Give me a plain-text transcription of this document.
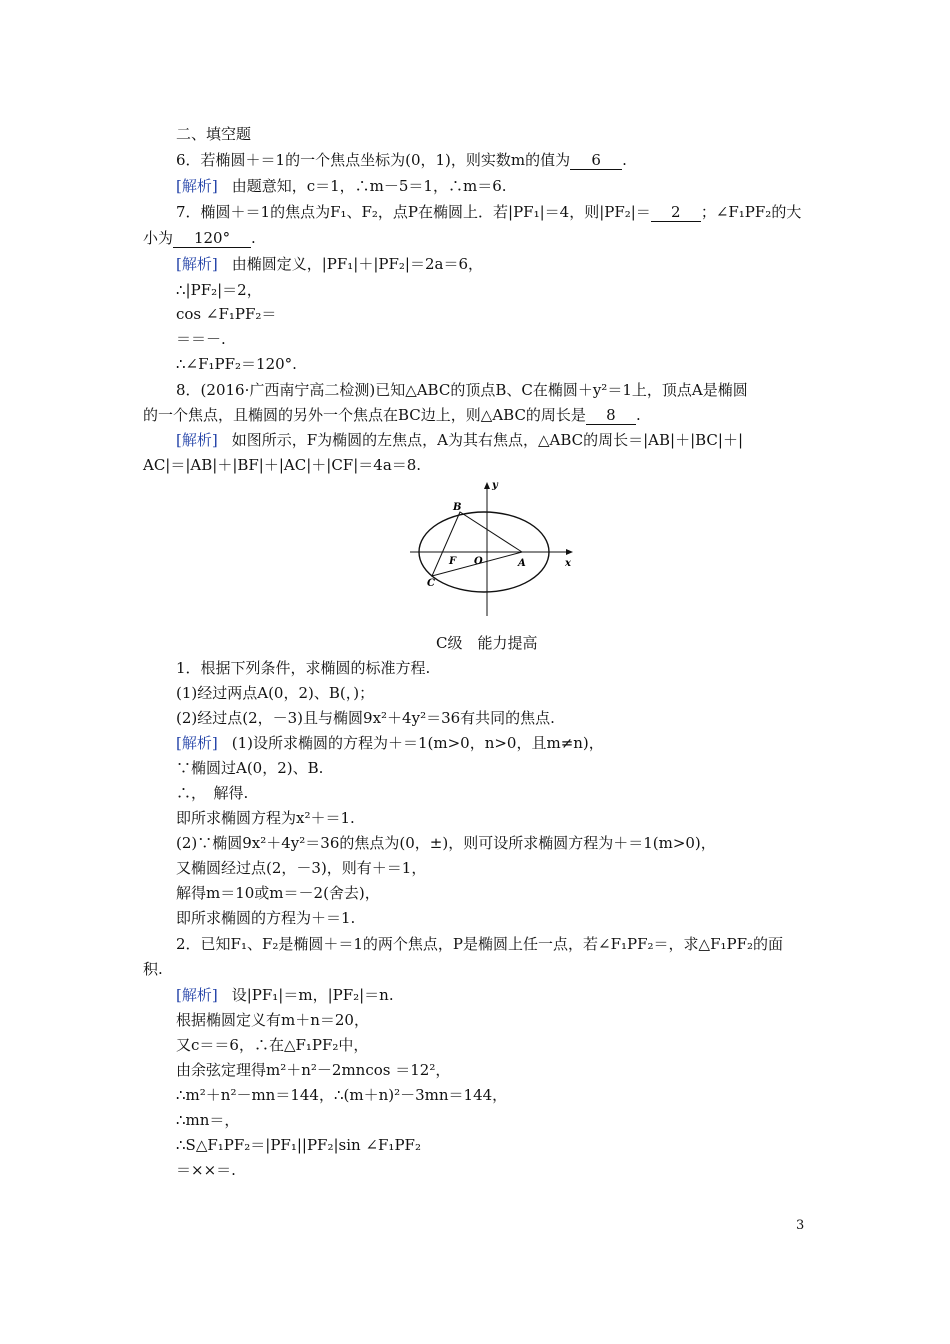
二、填空题
6．若椭圆＋＝1的一个焦点坐标为(0，1)，则实数m的值为 6 .
[解析] 由题意知，c＝1，∴m－5＝1，∴m＝6.
7．椭圆＋＝1的焦点为F₁、F₂，点P在椭圆上．若|PF₁|＝4，则|PF₂|＝ 2 ；∠F₁PF₂的大
小为 120° .
[解析] 由椭圆定义，|PF₁|＋|PF₂|＝2a＝6，
∴|PF₂|＝2，
cos ∠F₁PF₂＝
＝＝－.
∴∠F₁PF₂＝120°.
8．(2016·广西南宁高二检测)已知△ABC的顶点B、C在椭圆＋y²＝1上，顶点A是椭圆
的一个焦点，且椭圆的另外一个焦点在BC边上，则△ABC的周长是 8 .
[解析] 如图所示，F为椭圆的左焦点，A为其右焦点，△ABC的周长＝|AB|＋|BC|＋|
AC|＝|AB|＋|BF|＋|AC|＋|CF|＝4a＝8.
y
x
B
C
F O	A
C级　能力提高
1．根据下列条件，求椭圆的标准方程.
(1)经过两点A(0，2)、B(，)；
(2)经过点(2，－3)且与椭圆9x²＋4y²＝36有共同的焦点.
[解析] (1)设所求椭圆的方程为＋＝1(m>0，n>0，且m≠n)，
∵椭圆过A(0，2)、B.
∴，　解得.
即所求椭圆方程为x²＋＝1.
(2)∵椭圆9x²＋4y²＝36的焦点为(0，±)，则可设所求椭圆方程为＋＝1(m>0)，
又椭圆经过点(2，－3)，则有＋＝1，
解得m＝10或m＝－2(舍去)，
即所求椭圆的方程为＋＝1.
2．已知F₁、F₂是椭圆＋＝1的两个焦点，P是椭圆上任一点，若∠F₁PF₂＝，求△F₁PF₂的面
积.
[解析] 设|PF₁|＝m，|PF₂|＝n.
根据椭圆定义有m＋n＝20，
又c＝＝6，∴在△F₁PF₂中，
由余弦定理得m²＋n²－2mncos ＝12²，
∴m²＋n²－mn＝144，∴(m＋n)²－3mn＝144，
∴mn＝，
∴S△F₁PF₂＝|PF₁||PF₂|sin ∠F₁PF₂
＝××＝.
3
